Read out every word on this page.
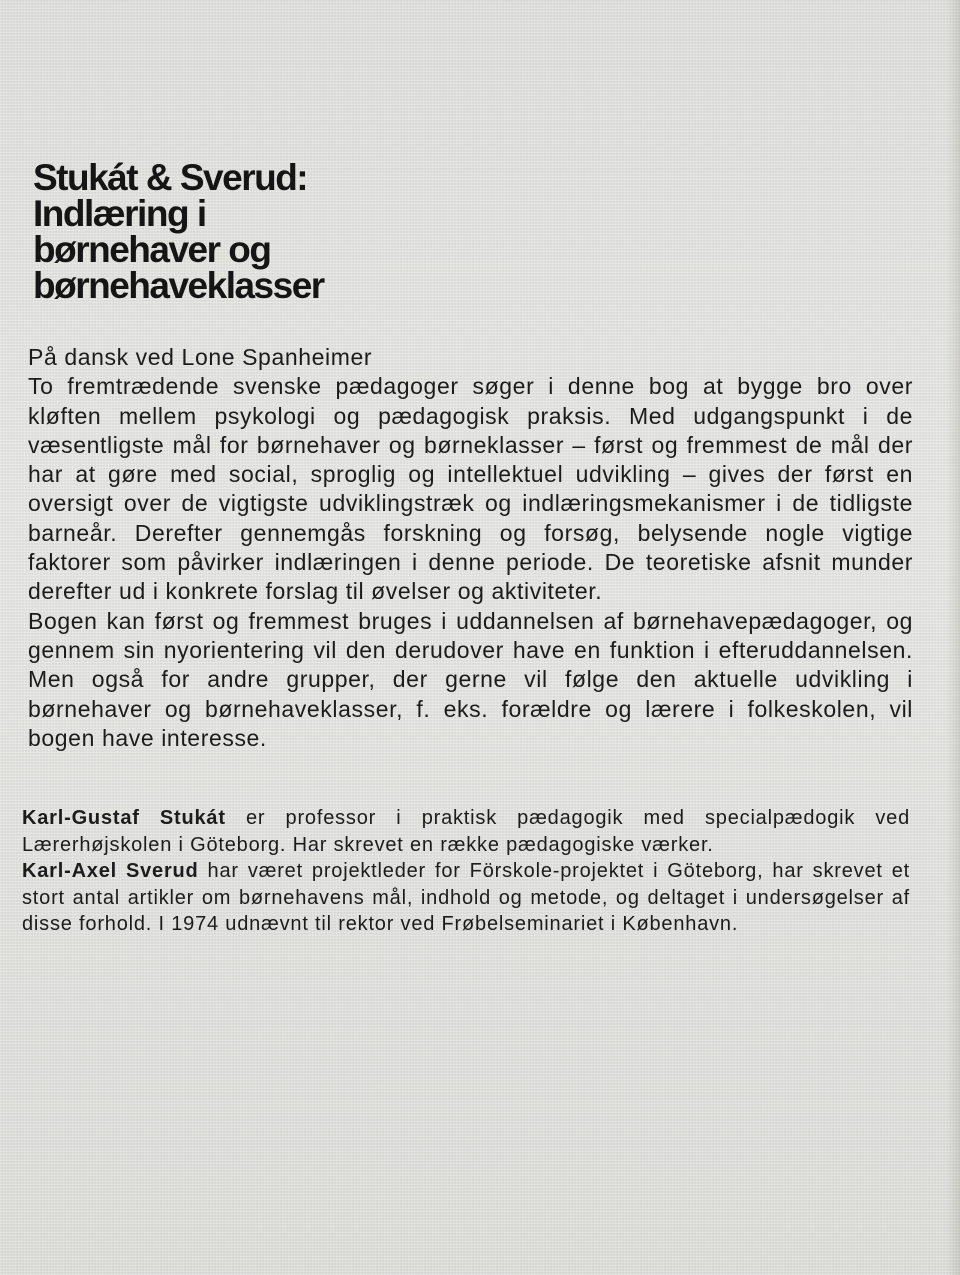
Stukát & Sverud:
Indlæring i
børnehaver og
børnehaveklasser

På dansk ved Lone Spanheimer

To fremtrædende svenske pædagoger søger i denne bog at bygge bro over kløften mellem psykologi og pædagogisk praksis. Med udgangspunkt i de væsentligste mål for børnehaver og børneklasser – først og fremmest de mål der har at gøre med social, sproglig og intellektuel udvikling – gives der først en oversigt over de vigtigste udviklingstræk og indlæringsmekanismer i de tidligste barneår. Derefter gennemgås forskning og forsøg, belysende nogle vigtige faktorer som påvirker indlæringen i denne periode. De teoretiske afsnit munder derefter ud i konkrete forslag til øvelser og aktiviteter.

Bogen kan først og fremmest bruges i uddannelsen af børnehavepædagoger, og gennem sin nyorientering vil den derudover have en funktion i efteruddannelsen. Men også for andre grupper, der gerne vil følge den aktuelle udvikling i børnehaver og børnehaveklasser, f. eks. forældre og lærere i folkeskolen, vil bogen have interesse.

Karl-Gustaf Stukát er professor i praktisk pædagogik med specialpædogik ved Lærerhøjskolen i Göteborg. Har skrevet en række pædagogiske værker.

Karl-Axel Sverud har været projektleder for Förskole-projektet i Göteborg, har skrevet et stort antal artikler om børnehavens mål, indhold og metode, og deltaget i undersøgelser af disse forhold. I 1974 udnævnt til rektor ved Frøbelseminariet i København.
